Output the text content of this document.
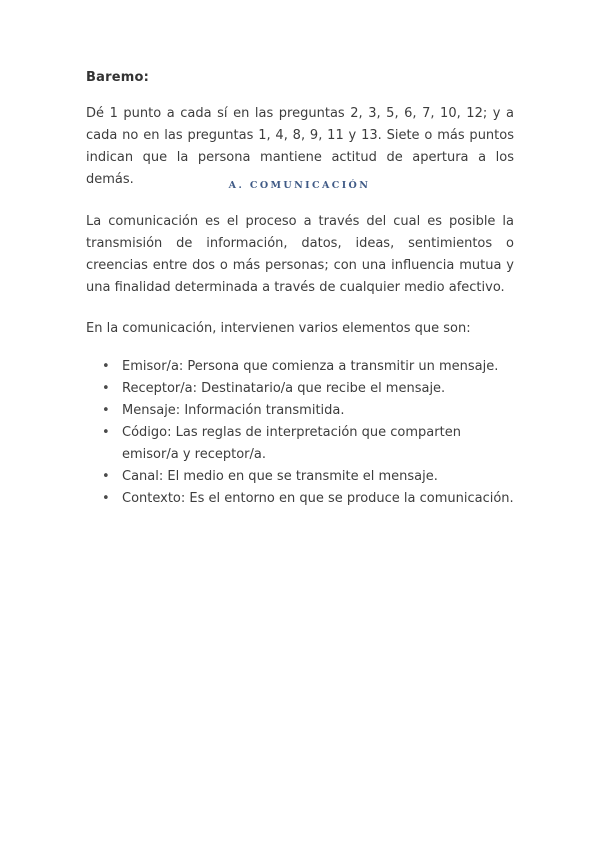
Baremo:
Dé 1 punto a cada sí en las preguntas 2, 3, 5, 6, 7, 10, 12; y a cada no en las preguntas 1, 4, 8, 9, 11 y 13. Siete o más puntos indican que la persona mantiene actitud de apertura a los demás.	A. COMUNICACIÓN
La comunicación es el proceso a través del cual es posible la transmisión de información, datos, ideas, sentimientos o creencias entre dos o más personas; con una influencia mutua y una finalidad determinada a través de cualquier medio afectivo.
En la comunicación, intervienen varios elementos que son:
• Emisor/a: Persona que comienza a transmitir un mensaje.
• Receptor/a: Destinatario/a que recibe el mensaje.
• Mensaje: Información transmitida.
• Código: Las reglas de interpretación que comparten emisor/a y receptor/a.
• Canal: El medio en que se transmite el mensaje.
• Contexto: Es el entorno en que se produce la comunicación.
